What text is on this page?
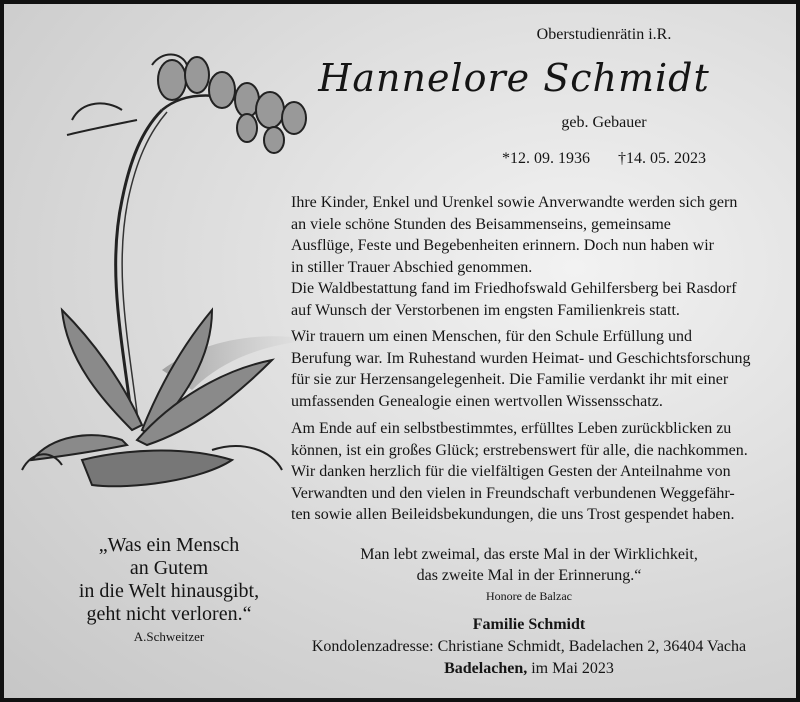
Oberstudienrätin i.R.
Hannelore Schmidt
geb. Gebauer
*12. 09. 1936 †14. 05. 2023
Ihre Kinder, Enkel und Urenkel sowie Anverwandte werden sich gern
an viele schöne Stunden des Beisammenseins, gemeinsame
Ausflüge, Feste und Begebenheiten erinnern. Doch nun haben wir
in stiller Trauer Abschied genommen.
Die Waldbestattung fand im Friedhofswald Gehilfersberg bei Rasdorf
auf Wunsch der Verstorbenen im engsten Familienkreis statt.
Wir trauern um einen Menschen, für den Schule Erfüllung und
Berufung war. Im Ruhestand wurden Heimat- und Geschichtsforschung
für sie zur Herzensangelegenheit. Die Familie verdankt ihr mit einer
umfassenden Genealogie einen wertvollen Wissensschatz.
Am Ende auf ein selbstbestimmtes, erfülltes Leben zurückblicken zu
können, ist ein großes Glück; erstrebenswert für alle, die nachkommen.
Wir danken herzlich für die vielfältigen Gesten der Anteilnahme von
Verwandten und den vielen in Freundschaft verbundenen Weggefähr-
ten sowie allen Beileidsbekundungen, die uns Trost gespendet haben.
„Was ein Mensch
an Gutem
in die Welt hinausgibt,
geht nicht verloren.“
A.Schweitzer
Man lebt zweimal, das erste Mal in der Wirklichkeit,
das zweite Mal in der Erinnerung.“
Honore de Balzac
Familie Schmidt
Kondolenzadresse: Christiane Schmidt, Badelachen 2, 36404 Vacha
Badelachen, im Mai 2023
